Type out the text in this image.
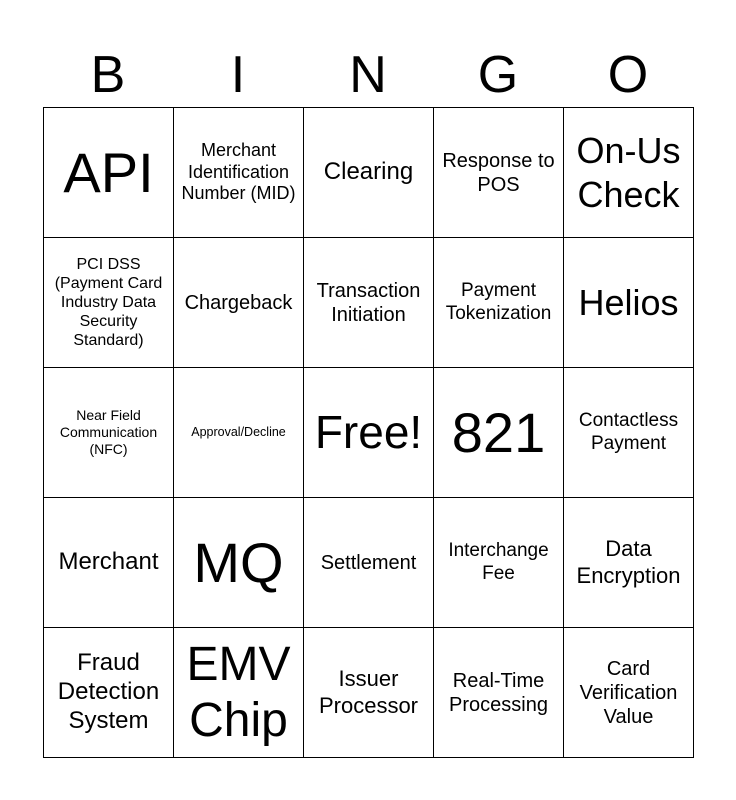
B	I	N	G	O
API	Merchant Identification Number (MID)	Clearing	Response to POS	On-Us Check
PCI DSS (Payment Card Industry Data Security Standard)	Chargeback	Transaction Initiation	Payment Tokenization	Helios
Near Field Communication (NFC)	Approval/Decline	Free!	821	Contactless Payment
Merchant	MQ	Settlement	Interchange Fee	Data Encryption
Fraud Detection System	EMV Chip	Issuer Processor	Real-Time Processing	Card Verification Value
